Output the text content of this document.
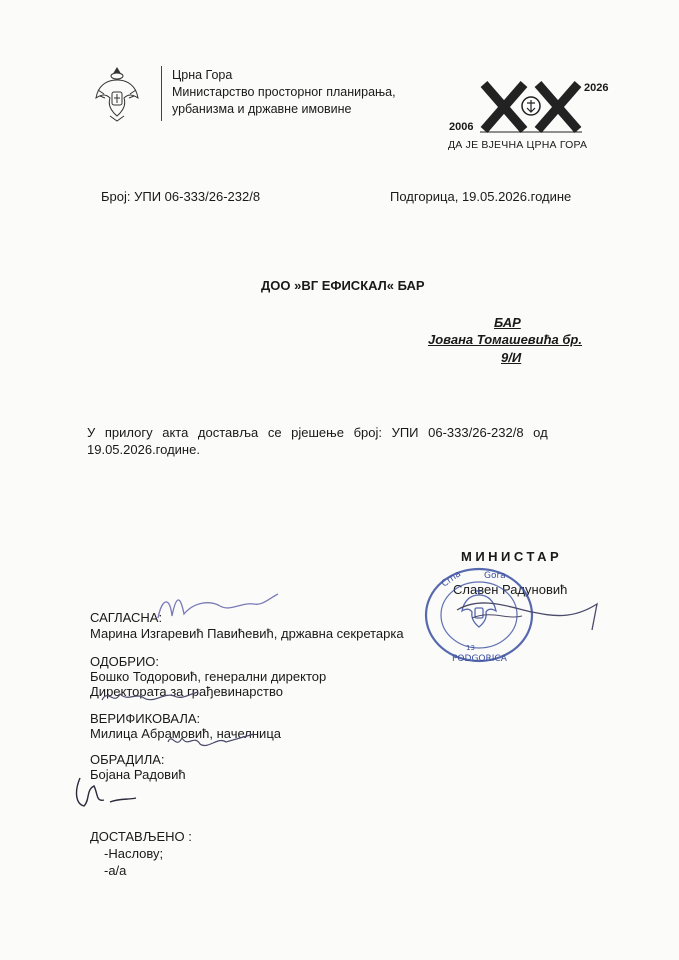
Црна Гора
Министарство просторног планирања,
урбанизма и државне имовине
2006
2026
ДА ЈЕ ВЈЕЧНА ЦРНА ГОРА
Број: УПИ 06-333/26-232/8	Подгорица, 19.05.2026.године
ДОО »ВГ ЕФИСКАЛ« БАР
БАР
Јована Томашевића бр.
9/И
У прилогу акта доставља се рјешење број: УПИ 06-333/26-232/8 од
19.05.2026.године.
МИНИСТАР
Славен Радуновић
Crna Gora
13
PODGORICA
САГЛАСНА:
Марина Изгаревић Павићевић, државна секретарка
ОДОБРИО:
Бошко Тодоровић, генерални директор
Директората за грађевинарство
ВЕРИФИКОВАЛА:
Милица Абрамовић, начелница
ОБРАДИЛА:
Бојана Радовић
ДОСТАВЉЕНО :
-Наслову;
-а/а
